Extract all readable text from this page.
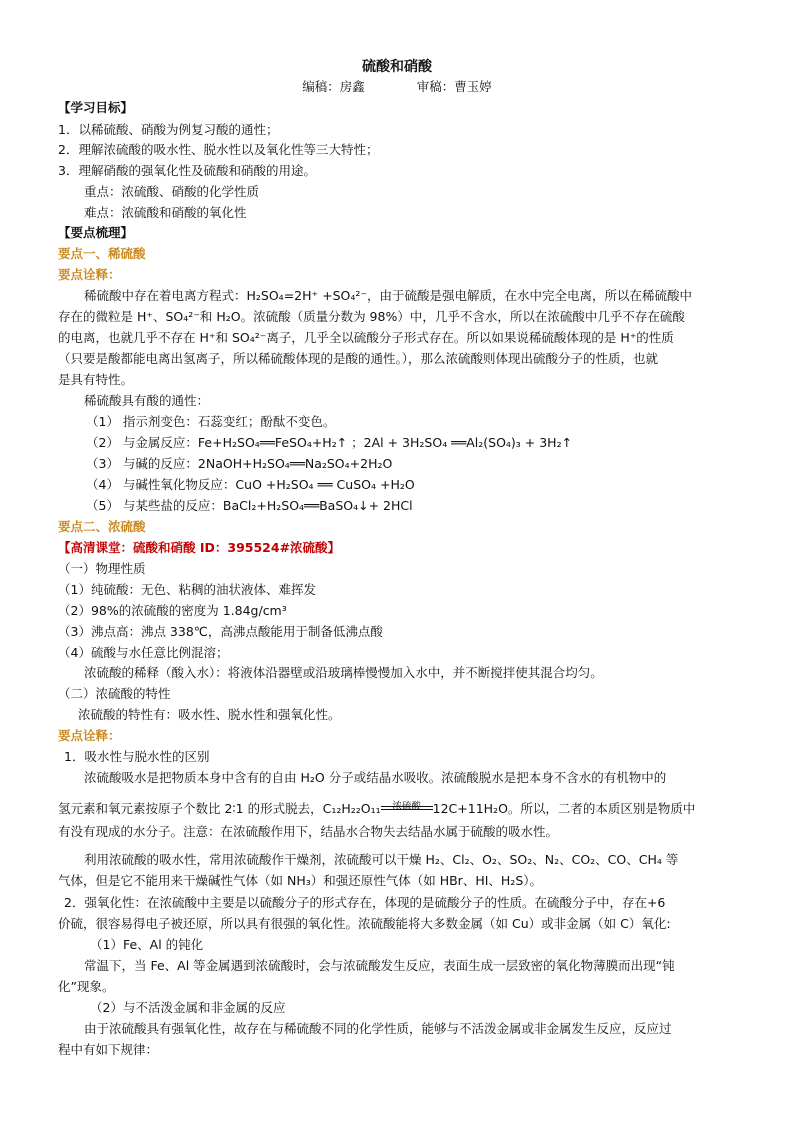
硫酸和硝酸
编稿：房鑫	审稿：曹玉婷
【学习目标】
1．以稀硫酸、硝酸为例复习酸的通性；
2．理解浓硫酸的吸水性、脱水性以及氧化性等三大特性；
3．理解硝酸的强氧化性及硫酸和硝酸的用途。
重点：浓硫酸、硝酸的化学性质
难点：浓硫酸和硝酸的氧化性
【要点梳理】
要点一、稀硫酸
要点诠释：
稀硫酸中存在着电离方程式：H₂SO₄=2H⁺ +SO₄²⁻，由于硫酸是强电解质，在水中完全电离，所以在稀硫酸中
存在的微粒是 H⁺、SO₄²⁻和 H₂O。浓硫酸（质量分数为 98%）中，几乎不含水，所以在浓硫酸中几乎不存在硫酸
的电离，也就几乎不存在 H⁺和 SO₄²⁻离子，几乎全以硫酸分子形式存在。所以如果说稀硫酸体现的是 H⁺的性质
（只要是酸都能电离出氢离子，所以稀硫酸体现的是酸的通性。），那么浓硫酸则体现出硫酸分子的性质，也就
是具有特性。
稀硫酸具有酸的通性：
（1） 指示剂变色：石蕊变红；酚酞不变色。
（2） 与金属反应：Fe+H₂SO₄══FeSO₄+H₂↑ ；2Al + 3H₂SO₄ ══Al₂(SO₄)₃ + 3H₂↑
（3） 与碱的反应：2NaOH+H₂SO₄══Na₂SO₄+2H₂O
（4） 与碱性氧化物反应：CuO +H₂SO₄ ══ CuSO₄ +H₂O
（5） 与某些盐的反应：BaCl₂+H₂SO₄══BaSO₄↓+ 2HCl
要点二、浓硫酸
【高清课堂：硫酸和硝酸 ID：395524#浓硫酸】
（一）物理性质
（1）纯硫酸：无色、粘稠的油状液体、难挥发
（2）98%的浓硫酸的密度为 1.84g/cm³
（3）沸点高：沸点 338℃，高沸点酸能用于制备低沸点酸
（4）硫酸与水任意比例混溶；
浓硫酸的稀释（酸入水）：将液体沿器壁或沿玻璃棒慢慢加入水中，并不断搅拌使其混合均匀。
（二）浓硫酸的特性
浓硫酸的特性有：吸水性、脱水性和强氧化性。
要点诠释：
1．吸水性与脱水性的区别
浓硫酸吸水是把物质本身中含有的自由 H₂O 分子或结晶水吸收。浓硫酸脱水是把本身不含水的有机物中的
氢元素和氧元素按原子个数比 2∶1 的形式脱去，C₁₂H₂₂O₁₁	浓硫酸 12C+11H₂O。所以，二者的本质区别是物质中
有没有现成的水分子。注意：在浓硫酸作用下，结晶水合物失去结晶水属于硫酸的吸水性。
利用浓硫酸的吸水性，常用浓硫酸作干燥剂，浓硫酸可以干燥 H₂、Cl₂、O₂、SO₂、N₂、CO₂、CO、CH₄ 等
气体，但是它不能用来干燥碱性气体（如 NH₃）和强还原性气体（如 HBr、HI、H₂S）。
2．强氧化性：在浓硫酸中主要是以硫酸分子的形式存在，体现的是硫酸分子的性质。在硫酸分子中，存在+6
价硫，很容易得电子被还原，所以具有很强的氧化性。浓硫酸能将大多数金属（如 Cu）或非金属（如 C）氧化:
（1）Fe、Al 的钝化
常温下，当 Fe、Al 等金属遇到浓硫酸时，会与浓硫酸发生反应，表面生成一层致密的氧化物薄膜而出现“钝
化”现象。
（2）与不活泼金属和非金属的反应
由于浓硫酸具有强氧化性，故存在与稀硫酸不同的化学性质，能够与不活泼金属或非金属发生反应，反应过
程中有如下规律：
